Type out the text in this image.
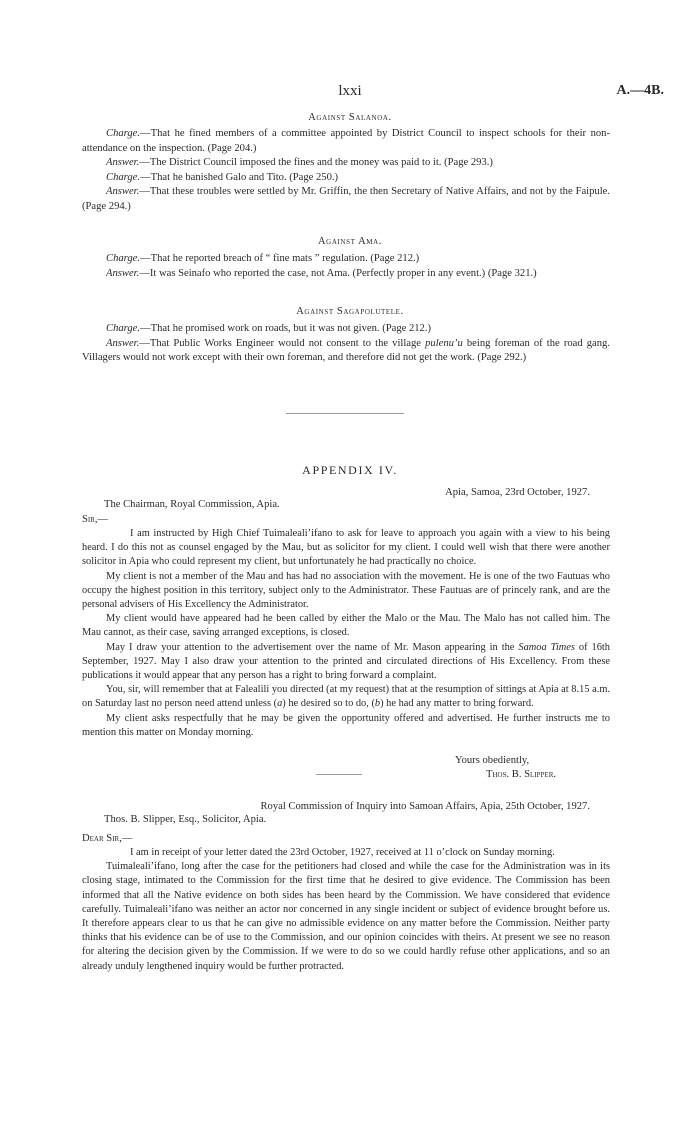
lxxi	A.—4B.
Against Salanoa.

Charge.—That he fined members of a committee appointed by District Council to inspect schools for their non-attendance on the inspection. (Page 204.)

Answer.—The District Council imposed the fines and the money was paid to it. (Page 293.)

Charge.—That he banished Galo and Tito. (Page 250.)

Answer.—That these troubles were settled by Mr. Griffin, the then Secretary of Native Affairs, and not by the Faipule. (Page 294.)

Against Ama.

Charge.—That he reported breach of “ fine mats ” regulation. (Page 212.)

Answer.—It was Seinafo who reported the case, not Ama. (Perfectly proper in any event.) (Page 321.)

Against Sagapolutele.

Charge.—That he promised work on roads, but it was not given. (Page 212.)

Answer.—That Public Works Engineer would not consent to the village pulenu’u being foreman of the road gang. Villagers would not work except with their own foreman, and therefore did not get the work. (Page 292.)

APPENDIX IV.
Apia, Samoa, 23rd October, 1927.
The Chairman, Royal Commission, Apia.
Sir,—

I am instructed by High Chief Tuimaleali’ifano to ask for leave to approach you again with a view to his being heard. I do this not as counsel engaged by the Mau, but as solicitor for my client. I could well wish that there were another solicitor in Apia who could represent my client, but unfortunately he had practically no choice.

My client is not a member of the Mau and has had no association with the movement. He is one of the two Fautuas who occupy the highest position in this territory, subject only to the Administrator. These Fautuas are of princely rank, and are the personal advisers of His Excellency the Administrator.

My client would have appeared had he been called by either the Malo or the Mau. The Malo has not called him. The Mau cannot, as their case, saving arranged exceptions, is closed.

May I draw your attention to the advertisement over the name of Mr. Mason appearing in the Samoa Times of 16th September, 1927. May I also draw your attention to the printed and circulated directions of His Excellency. From these publications it would appear that any person has a right to bring forward a complaint.

You, sir, will remember that at Falealili you directed (at my request) that at the resumption of sittings at Apia at 8.15 a.m. on Saturday last no person need attend unless (a) he desired so to do, (b) he had any matter to bring forward.

My client asks respectfully that he may be given the opportunity offered and advertised. He further instructs me to mention this matter on Monday morning.

Yours obediently,
Thos. B. Slipper.
Royal Commission of Inquiry into Samoan Affairs, Apia, 25th October, 1927.
Thos. B. Slipper, Esq., Solicitor, Apia.
Dear Sir,—

I am in receipt of your letter dated the 23rd October, 1927, received at 11 o’clock on Sunday morning.

Tuimaleali’ifano, long after the case for the petitioners had closed and while the case for the Administration was in its closing stage, intimated to the Commission for the first time that he desired to give evidence. The Commission has been informed that all the Native evidence on both sides has been heard by the Commission. We have considered that evidence carefully. Tuimaleali’ifano was neither an actor nor concerned in any single incident or subject of evidence brought before us. It therefore appears clear to us that he can give no admissible evidence on any matter before the Commission. Neither party thinks that his evidence can be of use to the Commission, and our opinion coincides with theirs. At present we see no reason for altering the decision given by the Commission. If we were to do so we could hardly refuse other applications, and so an already unduly lengthened inquiry would be further protracted.
